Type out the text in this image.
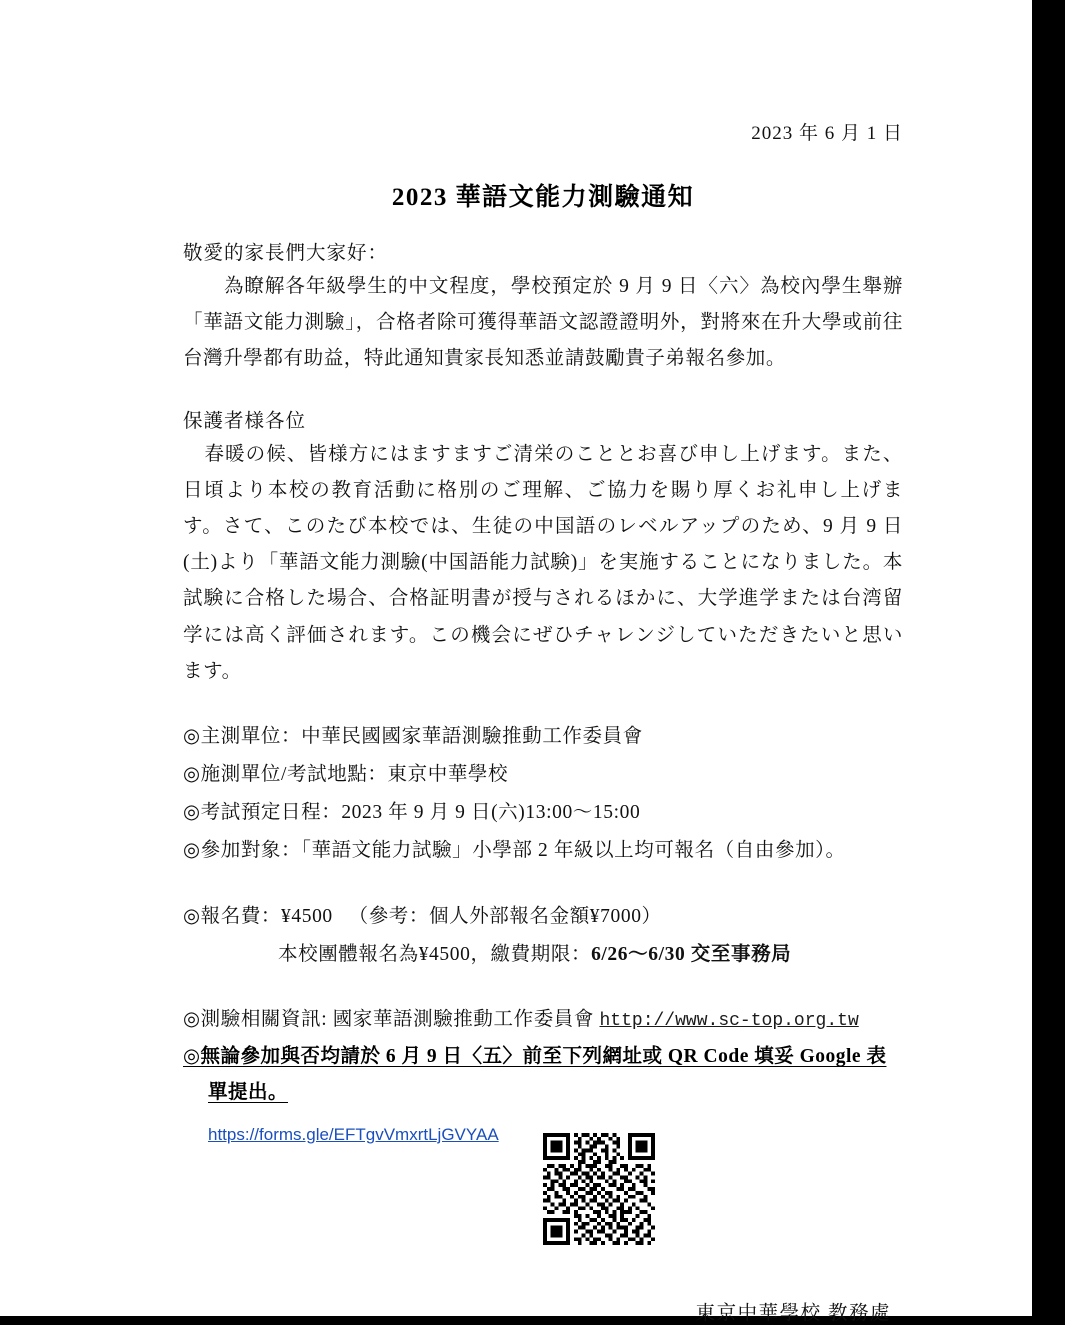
2023 年 6 月 1 日
2023 華語文能力測驗通知
敬愛的家長們大家好：
為瞭解各年級學生的中文程度，學校預定於 9 月 9 日〈六〉為校內學生舉辦「華語文能力測驗」，合格者除可獲得華語文認證證明外，對將來在升大學或前往台灣升學都有助益，特此通知貴家長知悉並請鼓勵貴子弟報名參加。
保護者様各位
春暖の候、皆様方にはますますご清栄のこととお喜び申し上げます。また、日頃より本校の教育活動に格別のご理解、ご協力を賜り厚くお礼申し上げます。さて、このたび本校では、生徒の中国語のレベルアップのため、9 月 9 日(土)より「華語文能力測驗(中国語能力試験)」を実施することになりました。本試験に合格した場合、合格証明書が授与されるほかに、大学進学または台湾留学には高く評価されます。この機会にぜひチャレンジしていただきたいと思います。
◎主測單位：中華民國國家華語測驗推動工作委員會
◎施測單位/考試地點：東京中華學校
◎考試預定日程：2023 年 9 月 9 日(六)13:00〜15:00
◎參加對象：「華語文能力試驗」小學部 2 年級以上均可報名（自由參加）。
◎報名費：¥4500 　（參考：個人外部報名金額¥7000）
本校團體報名為¥4500，繳費期限：6/26〜6/30 交至事務局
◎測驗相關資訊: 國家華語測驗推動工作委員會 http://www.sc-top.org.tw
◎無論參加與否均請於 6 月 9 日〈五〉前至下列網址或 QR Code 填妥 Google 表
單提出。
https://forms.gle/EFTgvVmxrtLjGVYAA
東京中華學校 教務處
